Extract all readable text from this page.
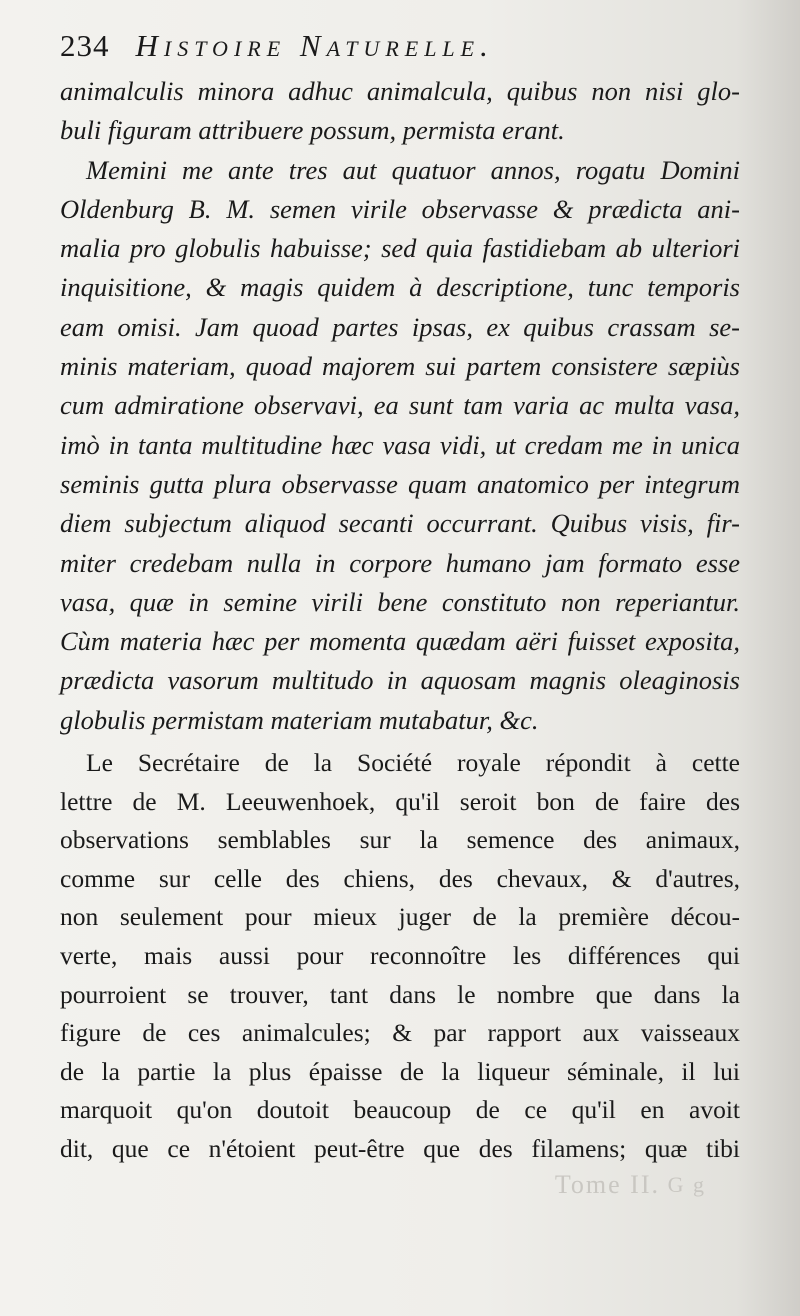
234 Histoire Naturelle.
animalculis minora adhuc animalcula, quibus non nisi glo-
buli figuram attribuere possum, permista erant.
Memini me ante tres aut quatuor annos, rogatu Domini
Oldenburg B. M. semen virile observasse & prædicta ani-
malia pro globulis habuisse; sed quia fastidiebam ab ulteriori
inquisitione, & magis quidem à descriptione, tunc temporis
eam omisi. Jam quoad partes ipsas, ex quibus crassam se-
minis materiam, quoad majorem sui partem consistere sæpiùs
cum admiratione observavi, ea sunt tam varia ac multa vasa,
imò in tanta multitudine hæc vasa vidi, ut credam me in unica
seminis gutta plura observasse quam anatomico per integrum
diem subjectum aliquod secanti occurrant. Quibus visis, fir-
miter credebam nulla in corpore humano jam formato esse
vasa, quæ in semine virili bene constituto non reperiantur.
Cùm materia hæc per momenta quædam aëri fuisset exposita,
prædicta vasorum multitudo in aquosam magnis oleaginosis
globulis permistam materiam mutabatur, &c.
Le Secrétaire de la Société royale répondit à cette
lettre de M. Leeuwenhoek, qu'il seroit bon de faire des
observations semblables sur la semence des animaux,
comme sur celle des chiens, des chevaux, & d'autres,
non seulement pour mieux juger de la première décou-
verte, mais aussi pour reconnoître les différences qui
pourroient se trouver, tant dans le nombre que dans la
figure de ces animalcules; & par rapport aux vaisseaux
de la partie la plus épaisse de la liqueur séminale, il lui
marquoit qu'on doutoit beaucoup de ce qu'il en avoit
dit, que ce n'étoient peut-être que des filamens; quæ tibi
Tome II. G g
